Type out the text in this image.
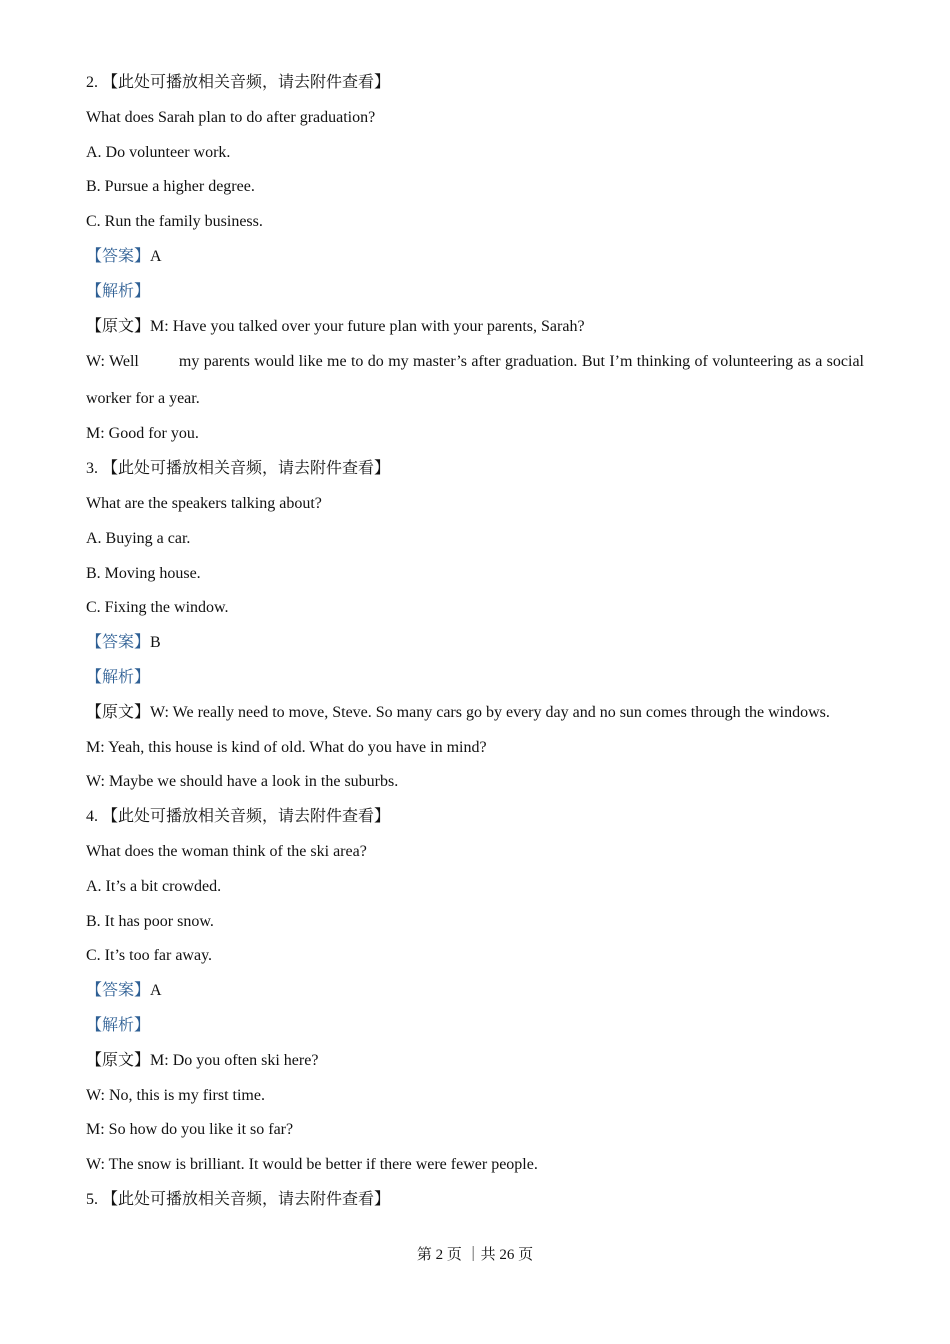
2. 【此处可播放相关音频，请去附件查看】
What does Sarah plan to do after graduation?
A. Do volunteer work.
B. Pursue a higher degree.
C. Run the family business.
【答案】A
【解析】
【原文】M: Have you talked over your future plan with your parents, Sarah?
W: Well	my parents would like me to do my master’s after graduation. But I’m thinking of volunteering as a social worker for a year.
M: Good for you.
3. 【此处可播放相关音频，请去附件查看】
What are the speakers talking about?
A. Buying a car.
B. Moving house.
C. Fixing the window.
【答案】B
【解析】
【原文】W: We really need to move, Steve. So many cars go by every day and no sun comes through the windows.
M: Yeah, this house is kind of old. What do you have in mind?
W: Maybe we should have a look in the suburbs.
4. 【此处可播放相关音频，请去附件查看】
What does the woman think of the ski area?
A. It’s a bit crowded.
B. It has poor snow.
C. It’s too far away.
【答案】A
【解析】
【原文】M: Do you often ski here?
W: No, this is my first time.
M: So how do you like it so far?
W: The snow is brilliant. It would be better if there were fewer people.
5. 【此处可播放相关音频，请去附件查看】
第 2 页 ｜共 26 页
